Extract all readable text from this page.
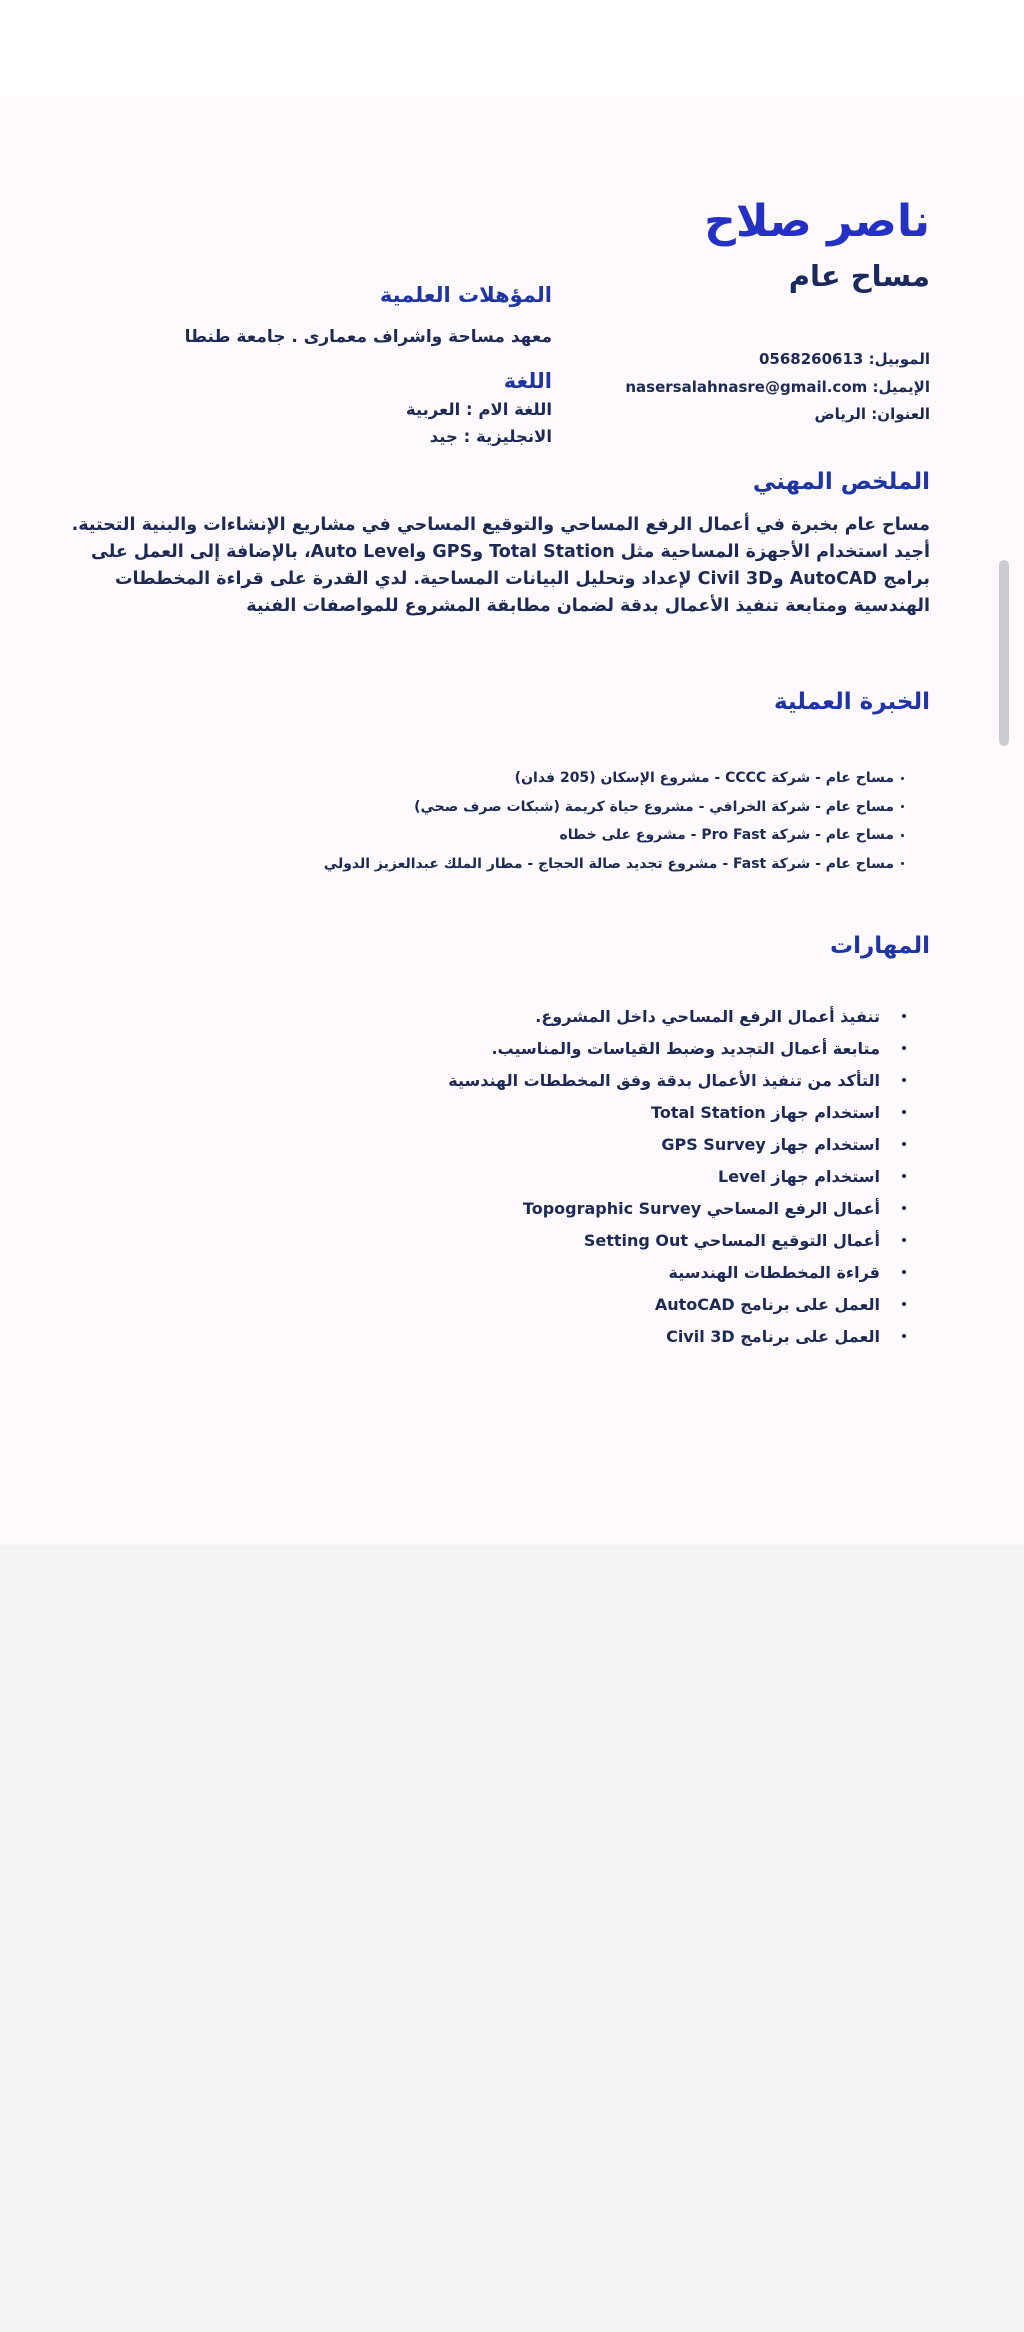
ناصر صلاح
مساح عام
الموبيل: 0568260613
الإيميل: nasersalahnasre@gmail.com
العنوان: الرياض
المؤهلات العلمية
معهد مساحة واشراف معمارى . جامعة طنطا
اللغة
اللغة الام : العربية
الانجليزية : جيد
الملخص المهني

مساح عام بخبرة في أعمال الرفع المساحي والتوقيع المساحي في مشاريع الإنشاءات والبنية التحتية. أجيد استخدام الأجهزة المساحية مثل Total Station وGPS وAuto Level، بالإضافة إلى العمل على برامج AutoCAD وCivil 3D لإعداد وتحليل البيانات المساحية. لدي القدرة على قراءة المخططات الهندسية ومتابعة تنفيذ الأعمال بدقة لضمان مطابقة المشروع للمواصفات الفنية

الخبرة العملية
مساح عام - شركة CCCC - مشروع الإسكان (205 فدان)
مساح عام - شركة الخرافي - مشروع حياة كريمة (شبكات صرف صحي)
مساح عام - شركة Pro Fast - مشروع على خطاه
مساح عام - شركة Fast - مشروع تجديد صالة الحجاج - مطار الملك عبدالعزيز الدولي
المهارات
تنفيذ أعمال الرفع المساحي داخل المشروع.
متابعة أعمال التجديد وضبط القياسات والمناسيب.
التأكد من تنفيذ الأعمال بدقة وفق المخططات الهندسية
استخدام جهاز Total Station
استخدام جهاز GPS Survey
استخدام جهاز Level
أعمال الرفع المساحي Topographic Survey
أعمال التوقيع المساحي Setting Out
قراءة المخططات الهندسية
العمل على برنامج AutoCAD
العمل على برنامج Civil 3D
